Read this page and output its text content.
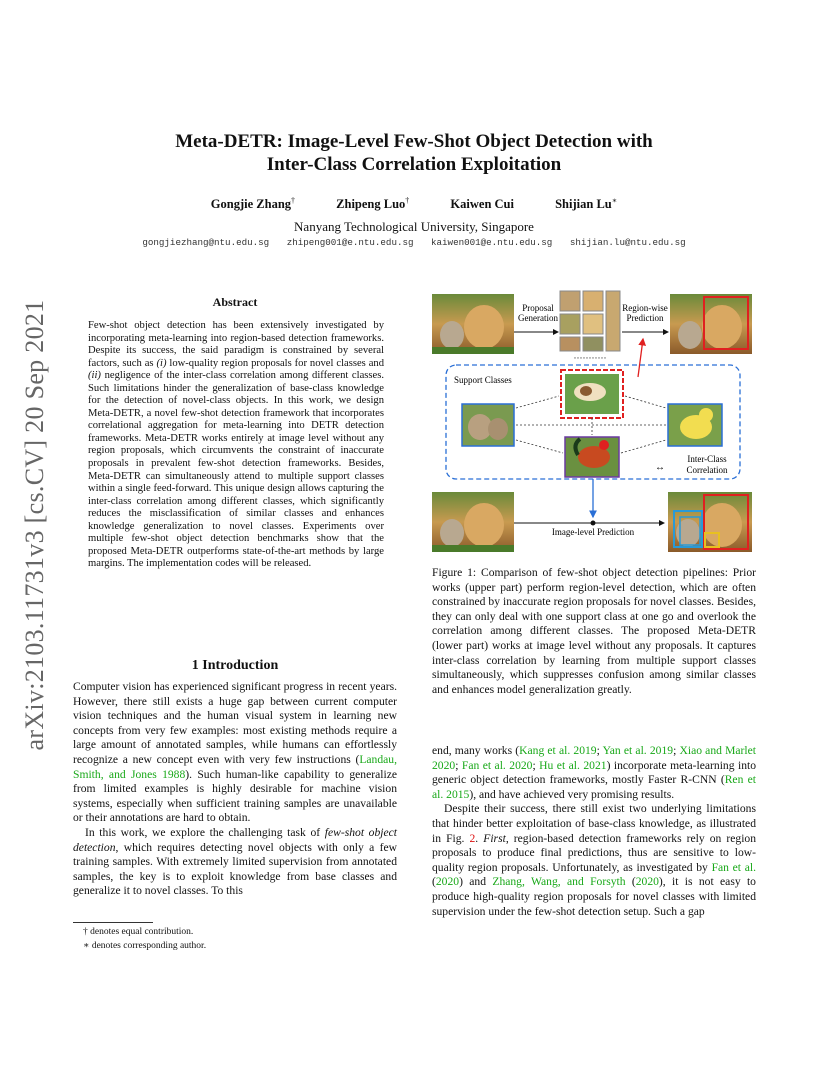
arXiv:2103.11731v3 [cs.CV] 20 Sep 2021
Meta-DETR: Image-Level Few-Shot Object Detection with
Inter-Class Correlation Exploitation
Gongjie Zhang†	Zhipeng Luo†	Kaiwen Cui	Shijian Lu∗
Nanyang Technological University, Singapore
gongjiezhang@ntu.edu.sg zhipeng001@e.ntu.edu.sg kaiwen001@e.ntu.edu.sg shijian.lu@ntu.edu.sg
Abstract
Few-shot object detection has been extensively investigated by incorporating meta-learning into region-based detection frameworks. Despite its success, the said paradigm is constrained by several factors, such as (i) low-quality region proposals for novel classes and (ii) negligence of the inter-class correlation among different classes. Such limitations hinder the generalization of base-class knowledge for the detection of novel-class objects. In this work, we design Meta-DETR, a novel few-shot detection framework that incorporates correlational aggregation for meta-learning into DETR detection frameworks. Meta-DETR works entirely at image level without any region proposals, which circumvents the constraint of inaccurate proposals in prevalent few-shot detection frameworks. Besides, Meta-DETR can simultaneously attend to multiple support classes within a single feed-forward. This unique design allows capturing the inter-class correlation among different classes, which significantly reduces the misclassification of similar classes and enhances knowledge generalization to novel classes. Experiments over multiple few-shot object detection benchmarks show that the proposed Meta-DETR outperforms state-of-the-art methods by large margins. The implementation codes will be released.
1 Introduction

Computer vision has experienced significant progress in recent years. However, there still exists a huge gap between current computer vision techniques and the human visual system in learning new concepts from very few examples: most existing methods require a large amount of annotated samples, while humans can effortlessly recognize a new concept even with very few instructions (Landau, Smith, and Jones 1988). Such human-like capability to generalize from limited examples is highly desirable for machine vision systems, especially when sufficient training samples are unavailable or their annotations are hard to obtain.

In this work, we explore the challenging task of few-shot object detection, which requires detecting novel objects with only a few training samples. With extremely limited supervision from annotated samples, the key is to exploit knowledge from base classes and generalize it to novel classes. To this

† denotes equal contribution.
∗ denotes corresponding author.
Proposal
Generation
···········
Region-wise
Prediction
Support Classes
↔
Inter-Class
Correlation
Image-level Prediction
Figure 1: Comparison of few-shot object detection pipelines: Prior works (upper part) perform region-level detection, which are often constrained by inaccurate region proposals for novel classes. Besides, they can only deal with one support class at one go and overlook the correlation among different classes. The proposed Meta-DETR (lower part) works at image level without any proposals. It captures inter-class correlation by learning from multiple support classes simultaneously, which suppresses confusion among similar classes and enhances model generalization greatly.

end, many works (Kang et al. 2019; Yan et al. 2019; Xiao and Marlet 2020; Fan et al. 2020; Hu et al. 2021) incorporate meta-learning into generic object detection frameworks, mostly Faster R-CNN (Ren et al. 2015), and have achieved very promising results.

Despite their success, there still exist two underlying limitations that hinder better exploitation of base-class knowledge, as illustrated in Fig. 2. First, region-based detection frameworks rely on region proposals to produce final predictions, thus are sensitive to low-quality region proposals. Unfortunately, as investigated by Fan et al. (2020) and Zhang, Wang, and Forsyth (2020), it is not easy to produce high-quality region proposals for novel classes with limited supervision under the few-shot detection setup. Such a gap
